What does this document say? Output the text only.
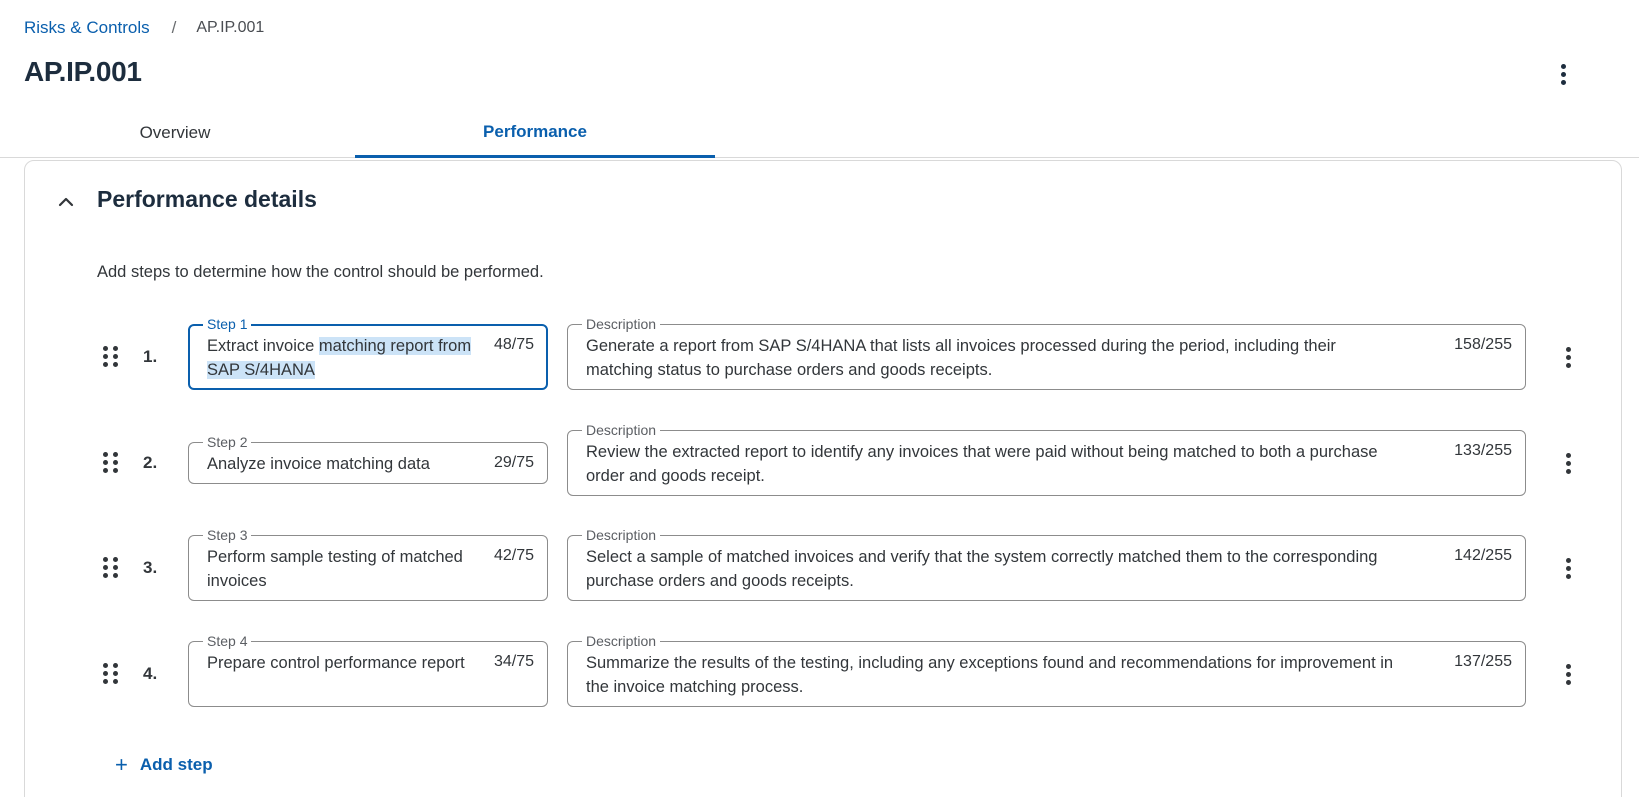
Risks & Controls / AP.IP.001
AP.IP.001
Overview	Performance
Performance details

Add steps to determine how the control should be performed.

1.
Step 1
Extract invoice matching report from SAP S/4HANA
48/75
Description
Generate a report from SAP S/4HANA that lists all invoices processed during the period, including their matching status to purchase orders and goods receipts.
158/255
2.
Step 2
Analyze invoice matching data	29/75
Description
Review the extracted report to identify any invoices that were paid without being matched to both a purchase order and goods receipt.
133/255
3.
Step 3
Perform sample testing of matched invoices
42/75
Description
Select a sample of matched invoices and verify that the system correctly matched them to the corresponding purchase orders and goods receipts.
142/255
4.
Step 4
Prepare control performance report	34/75
Description
Summarize the results of the testing, including any exceptions found and recommendations for improvement in the invoice matching process.
137/255
+ Add step
